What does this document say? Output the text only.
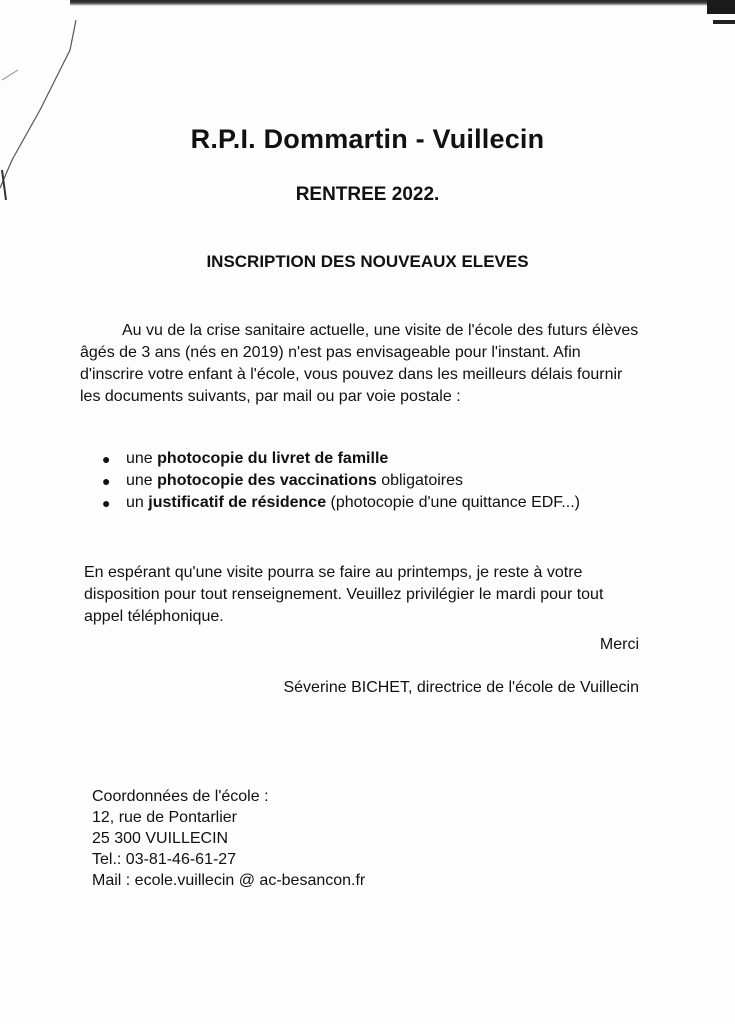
R.P.I. Dommartin - Vuillecin
RENTREE 2022.
INSCRIPTION DES NOUVEAUX ELEVES

Au vu de la crise sanitaire actuelle, une visite de l'école des futurs élèves âgés de 3 ans (nés en 2019) n'est pas envisageable pour l'instant. Afin d'inscrire votre enfant à l'école, vous pouvez dans les meilleurs délais fournir les documents suivants, par mail ou par voie postale :

● une photocopie du livret de famille
● une photocopie des vaccinations obligatoires
● un justificatif de résidence (photocopie d'une quittance EDF...)

En espérant qu'une visite pourra se faire au printemps, je reste à votre disposition pour tout renseignement. Veuillez privilégier le mardi pour tout appel téléphonique.

Merci

Séverine BICHET, directrice de l'école de Vuillecin

Coordonnées de l'école :
12, rue de Pontarlier
25 300 VUILLECIN
Tel.: 03-81-46-61-27
Mail : ecole.vuillecin @ ac-besancon.fr
